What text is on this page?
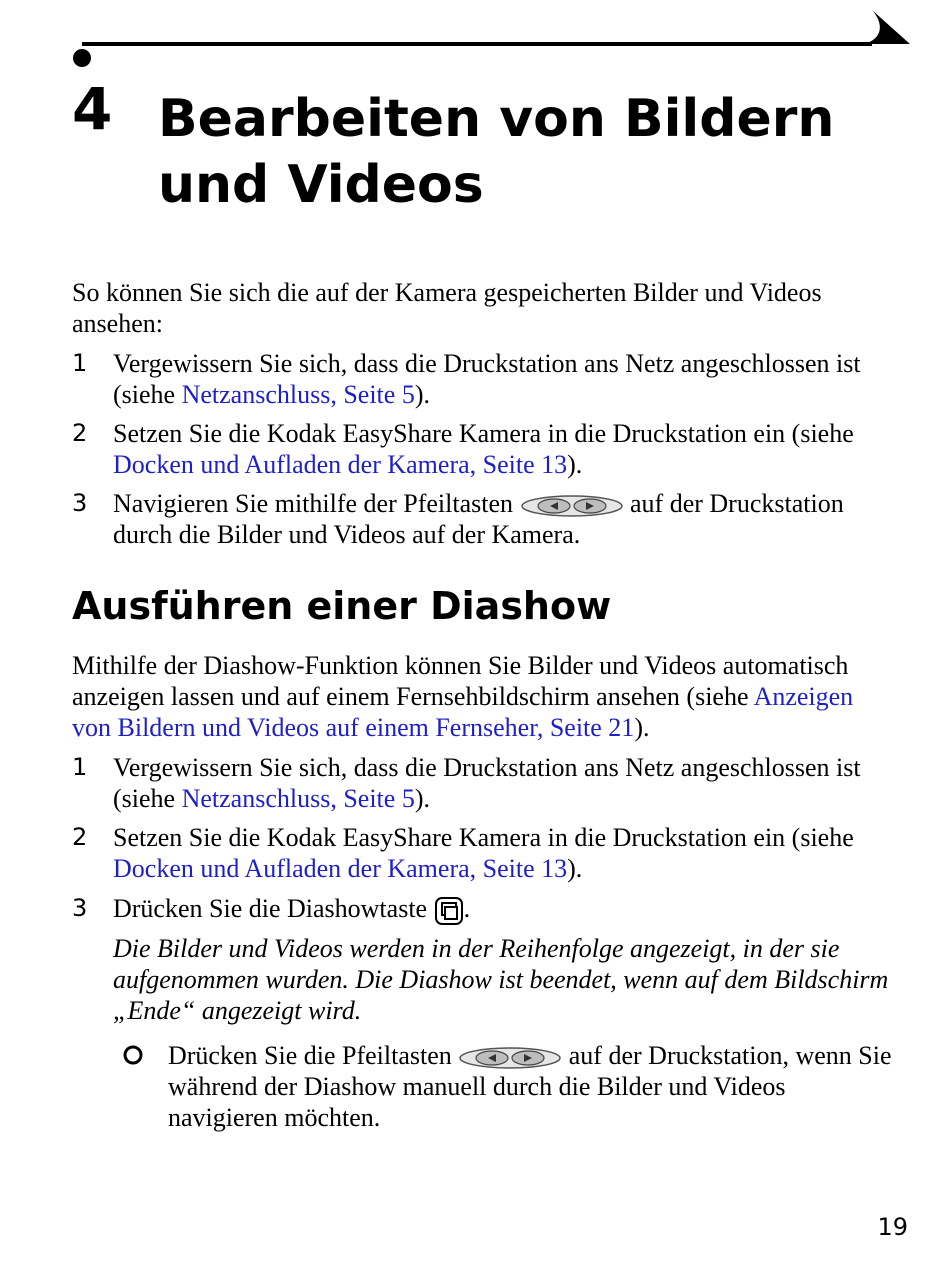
4 Bearbeiten von Bildern und Videos
So können Sie sich die auf der Kamera gespeicherten Bilder und Videos ansehen:
1 Vergewissern Sie sich, dass die Druckstation ans Netz angeschlossen ist (siehe Netzanschluss, Seite 5).
2 Setzen Sie die Kodak EasyShare Kamera in die Druckstation ein (siehe Docken und Aufladen der Kamera, Seite 13).
3 Navigieren Sie mithilfe der Pfeiltasten	auf der Druckstation durch die Bilder und Videos auf der Kamera.
Ausführen einer Diashow
Mithilfe der Diashow-Funktion können Sie Bilder und Videos automatisch anzeigen lassen und auf einem Fernsehbildschirm ansehen (siehe Anzeigen von Bildern und Videos auf einem Fernseher, Seite 21).
1 Vergewissern Sie sich, dass die Druckstation ans Netz angeschlossen ist (siehe Netzanschluss, Seite 5).
2 Setzen Sie die Kodak EasyShare Kamera in die Druckstation ein (siehe Docken und Aufladen der Kamera, Seite 13).
3 Drücken Sie die Diashowtaste .
Die Bilder und Videos werden in der Reihenfolge angezeigt, in der sie aufgenommen wurden. Die Diashow ist beendet, wenn auf dem Bildschirm „Ende“ angezeigt wird.
Drücken Sie die Pfeiltasten	auf der Druckstation, wenn Sie während der Diashow manuell durch die Bilder und Videos navigieren möchten.
19
